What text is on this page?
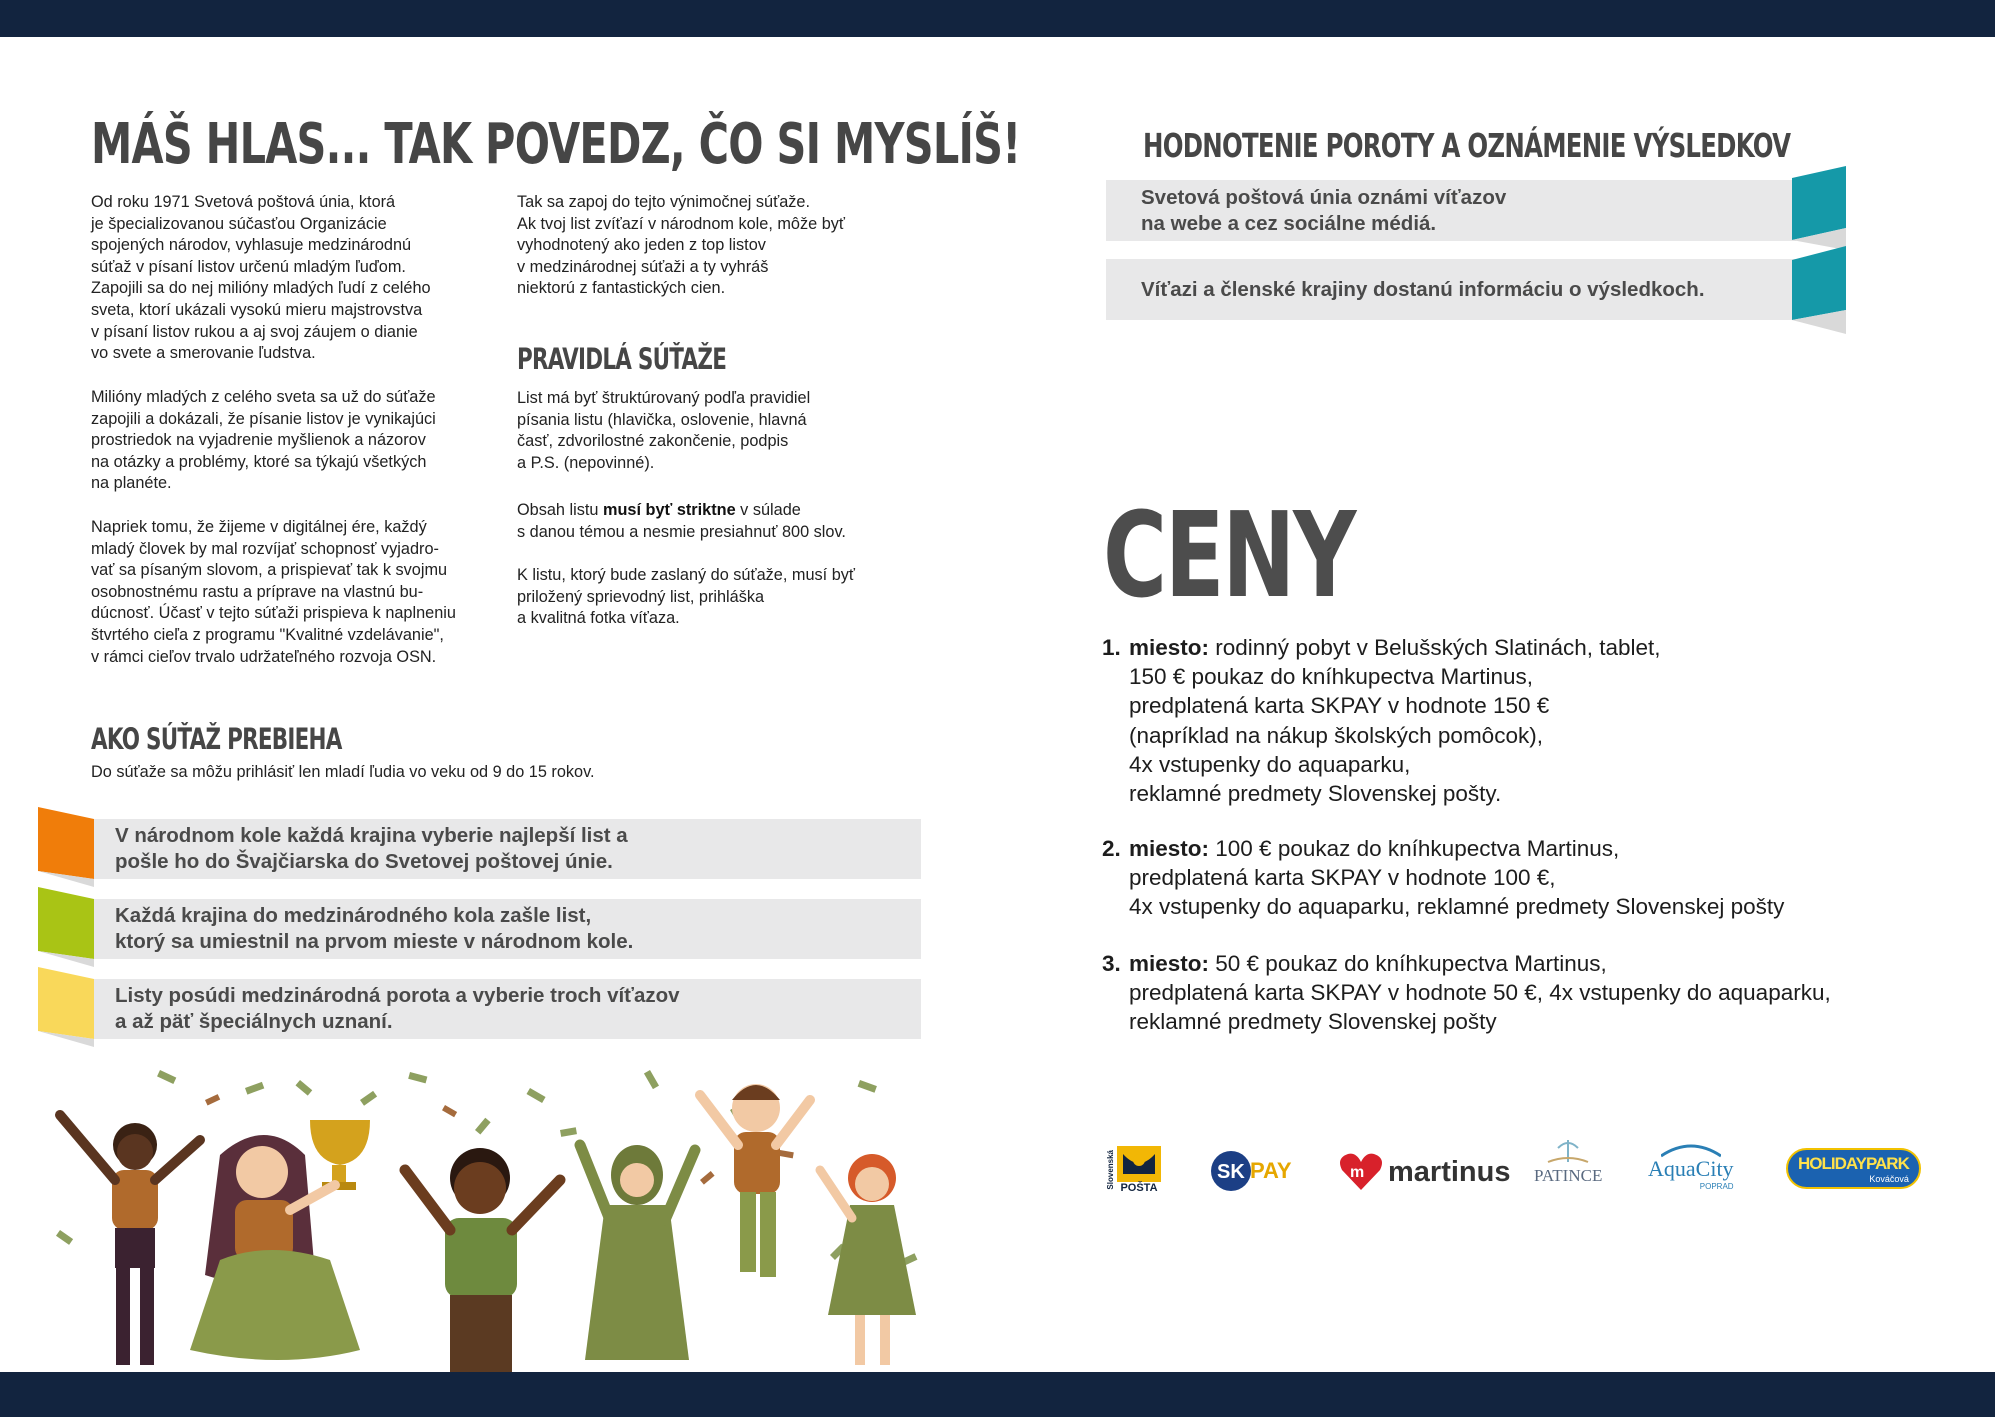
MÁŠ HLAS... TAK POVEDZ, ČO SI MYSLÍŠ!
Od roku 1971 Svetová poštová únia, ktorá
je špecializovanou súčasťou Organizácie
spojených národov, vyhlasuje medzinárodnú
súťaž v písaní listov určenú mladým ľuďom.
Zapojili sa do nej milióny mladých ľudí z celého
sveta, ktorí ukázali vysokú mieru majstrovstva
v písaní listov rukou a aj svoj záujem o dianie
vo svete a smerovanie ľudstva.
Milióny mladých z celého sveta sa už do súťaže
zapojili a dokázali, že písanie listov je vynikajúci
prostriedok na vyjadrenie myšlienok a názorov
na otázky a problémy, ktoré sa týkajú všetkých
na planéte.
Napriek tomu, že žijeme v digitálnej ére, každý
mladý človek by mal rozvíjať schopnosť vyjadro-
vať sa písaným slovom, a prispievať tak k svojmu
osobnostnému rastu a príprave na vlastnú bu-
dúcnosť. Účasť v tejto súťaži prispieva k naplneniu
štvrtého cieľa z programu "Kvalitné vzdelávanie",
v rámci cieľov trvalo udržateľného rozvoja OSN.
Tak sa zapoj do tejto výnimočnej súťaže.
Ak tvoj list zvíťazí v národnom kole, môže byť
vyhodnotený ako jeden z top listov
v medzinárodnej súťaži a ty vyhráš
niektorú z fantastických cien.
PRAVIDLÁ SÚŤAŽE
List má byť štruktúrovaný podľa pravidiel
písania listu (hlavička, oslovenie, hlavná
časť, zdvorilostné zakončenie, podpis
a P.S. (nepovinné).
Obsah listu musí byť striktne v súlade
s danou témou a nesmie presiahnuť 800 slov.
K listu, ktorý bude zaslaný do súťaže, musí byť
priložený sprievodný list, prihláška
a kvalitná fotka víťaza.
AKO SÚŤAŽ PREBIEHA
Do súťaže sa môžu prihlásiť len mladí ľudia vo veku od 9 do 15 rokov.
V národnom kole každá krajina vyberie najlepší list a
pošle ho do Švajčiarska do Svetovej poštovej únie.
Každá krajina do medzinárodného kola zašle list,
ktorý sa umiestnil na prvom mieste v národnom kole.
Listy posúdi medzinárodná porota a vyberie troch víťazov
a až päť špeciálnych uznaní.
HODNOTENIE POROTY A OZNÁMENIE VÝSLEDKOV
Svetová poštová únia oznámi víťazov
na webe a cez sociálne médiá.
Víťazi a členské krajiny dostanú informáciu o výsledkoch.
CENY
1. miesto: rodinný pobyt v Belušských Slatinách, tablet,
150 € poukaz do kníhkupectva Martinus,
predplatená karta SKPAY v hodnote 150 €
(napríklad na nákup školských pomôcok),
4x vstupenky do aquaparku,
reklamné predmety Slovenskej pošty.
2. miesto: 100 € poukaz do kníhkupectva Martinus,
predplatená karta SKPAY v hodnote 100 €,
4x vstupenky do aquaparku, reklamné predmety Slovenskej pošty
3. miesto: 50 € poukaz do kníhkupectva Martinus,
predplatená karta SKPAY v hodnote 50 €, 4x vstupenky do aquaparku,
reklamné predmety Slovenskej pošty
Slovenská POŠTA
SK PAY	m martinus PATINCE AquaCity
POPRAD
HOLIDAYPARK
Kováčová
